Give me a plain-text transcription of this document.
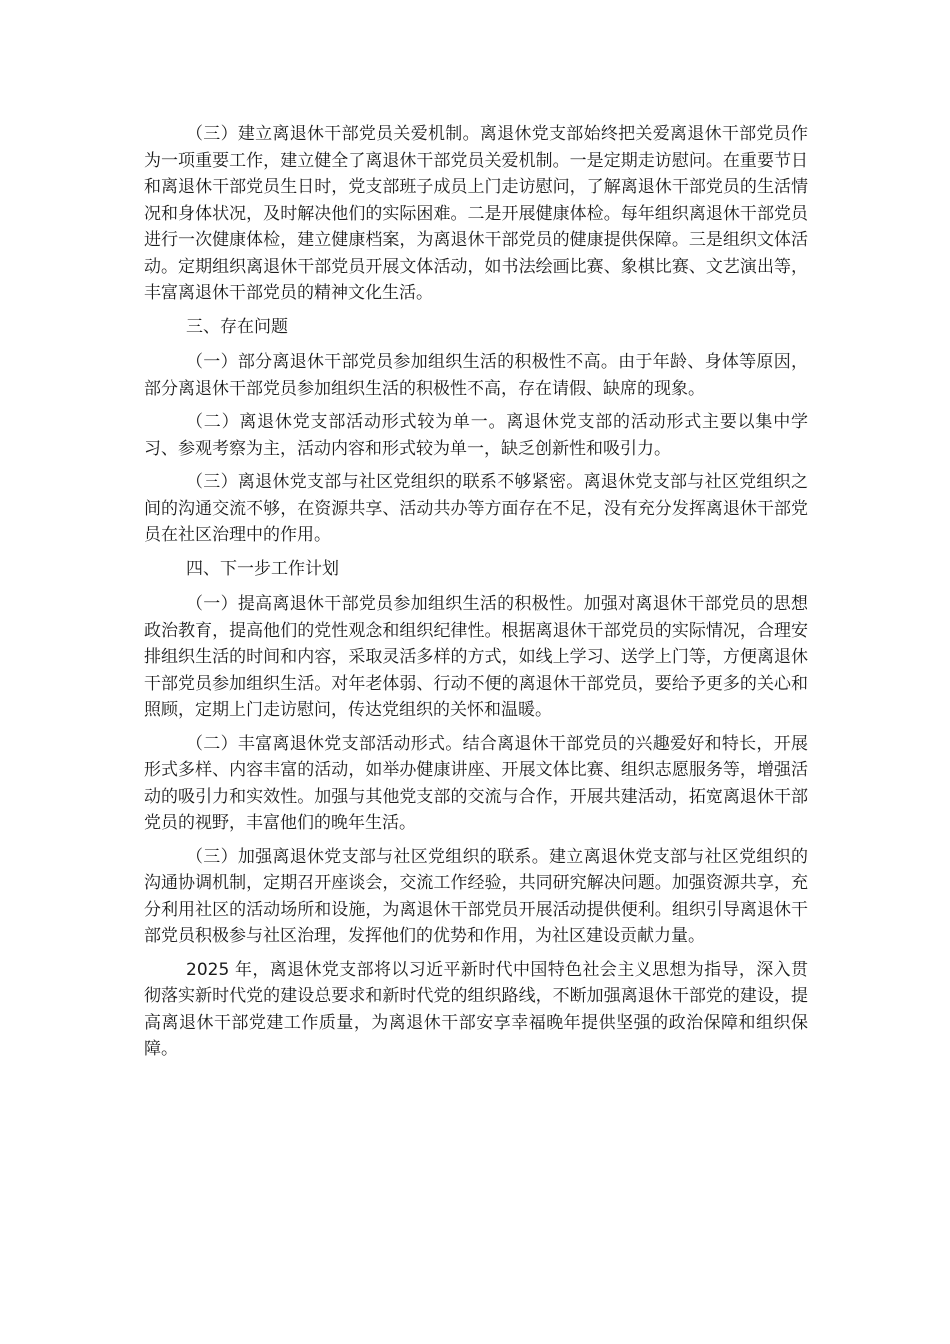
（三）建立离退休干部党员关爱机制。离退休党支部始终把关爱离退休干部党员作为一项重要工作，建立健全了离退休干部党员关爱机制。一是定期走访慰问。在重要节日和离退休干部党员生日时，党支部班子成员上门走访慰问，了解离退休干部党员的生活情况和身体状况，及时解决他们的实际困难。二是开展健康体检。每年组织离退休干部党员进行一次健康体检，建立健康档案，为离退休干部党员的健康提供保障。三是组织文体活动。定期组织离退休干部党员开展文体活动，如书法绘画比赛、象棋比赛、文艺演出等，丰富离退休干部党员的精神文化生活。

三、存在问题

（一）部分离退休干部党员参加组织生活的积极性不高。由于年龄、身体等原因，部分离退休干部党员参加组织生活的积极性不高，存在请假、缺席的现象。

（二）离退休党支部活动形式较为单一。离退休党支部的活动形式主要以集中学习、参观考察为主，活动内容和形式较为单一，缺乏创新性和吸引力。

（三）离退休党支部与社区党组织的联系不够紧密。离退休党支部与社区党组织之间的沟通交流不够，在资源共享、活动共办等方面存在不足，没有充分发挥离退休干部党员在社区治理中的作用。

四、下一步工作计划

（一）提高离退休干部党员参加组织生活的积极性。加强对离退休干部党员的思想政治教育，提高他们的党性观念和组织纪律性。根据离退休干部党员的实际情况，合理安排组织生活的时间和内容，采取灵活多样的方式，如线上学习、送学上门等，方便离退休干部党员参加组织生活。对年老体弱、行动不便的离退休干部党员，要给予更多的关心和照顾，定期上门走访慰问，传达党组织的关怀和温暖。

（二）丰富离退休党支部活动形式。结合离退休干部党员的兴趣爱好和特长，开展形式多样、内容丰富的活动，如举办健康讲座、开展文体比赛、组织志愿服务等，增强活动的吸引力和实效性。加强与其他党支部的交流与合作，开展共建活动，拓宽离退休干部党员的视野，丰富他们的晚年生活。

（三）加强离退休党支部与社区党组织的联系。建立离退休党支部与社区党组织的沟通协调机制，定期召开座谈会，交流工作经验，共同研究解决问题。加强资源共享，充分利用社区的活动场所和设施，为离退休干部党员开展活动提供便利。组织引导离退休干部党员积极参与社区治理，发挥他们的优势和作用，为社区建设贡献力量。

2025 年，离退休党支部将以习近平新时代中国特色社会主义思想为指导，深入贯彻落实新时代党的建设总要求和新时代党的组织路线，不断加强离退休干部党的建设，提高离退休干部党建工作质量，为离退休干部安享幸福晚年提供坚强的政治保障和组织保障。
